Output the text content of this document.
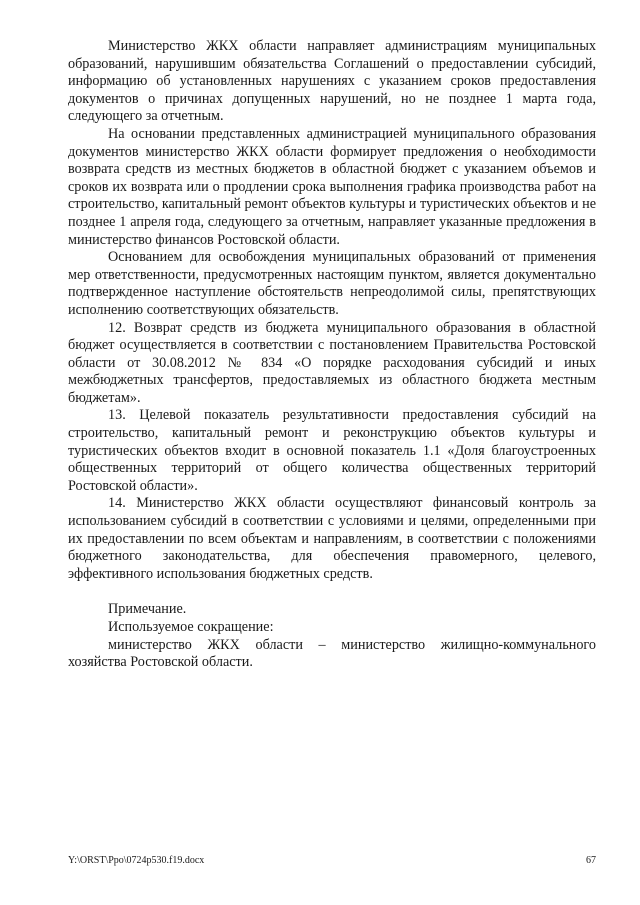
Министерство ЖКХ области направляет администрациям муниципальных образований, нарушившим обязательства Соглашений о предоставлении субсидий, информацию об установленных нарушениях с указанием сроков предоставления документов о причинах допущенных нарушений, но не позднее 1 марта года, следующего за отчетным.

На основании представленных администрацией муниципального образования документов министерство ЖКХ области формирует предложения о необходимости возврата средств из местных бюджетов в областной бюджет с указанием объемов и сроков их возврата или о продлении срока выполнения графика производства работ на строительство, капитальный ремонт объектов культуры и туристических объектов и не позднее 1 апреля года, следующего за отчетным, направляет указанные предложения в министерство финансов Ростовской области.

Основанием для освобождения муниципальных образований от применения мер ответственности, предусмотренных настоящим пунктом, является документально подтвержденное наступление обстоятельств непреодолимой силы, препятствующих исполнению соответствующих обязательств.

12. Возврат средств из бюджета муниципального образования в областной бюджет осуществляется в соответствии с постановлением Правительства Ростовской области от 30.08.2012 № 834 «О порядке расходования субсидий и иных межбюджетных трансфертов, предоставляемых из областного бюджета местным бюджетам».

13. Целевой показатель результативности предоставления субсидий на строительство, капитальный ремонт и реконструкцию объектов культуры и туристических объектов входит в основной показатель 1.1 «Доля благоустроенных общественных территорий от общего количества общественных территорий Ростовской области».

14. Министерство ЖКХ области осуществляют финансовый контроль за использованием субсидий в соответствии с условиями и целями, определенными при их предоставлении по всем объектам и направлениям, в соответствии с положениями бюджетного законодательства, для обеспечения правомерного, целевого, эффективного использования бюджетных средств.

Примечание.

Используемое сокращение:

министерство ЖКХ области – министерство жилищно-коммунального хозяйства Ростовской области.

Y:\ORST\Ppo\0724p530.f19.docx	67
